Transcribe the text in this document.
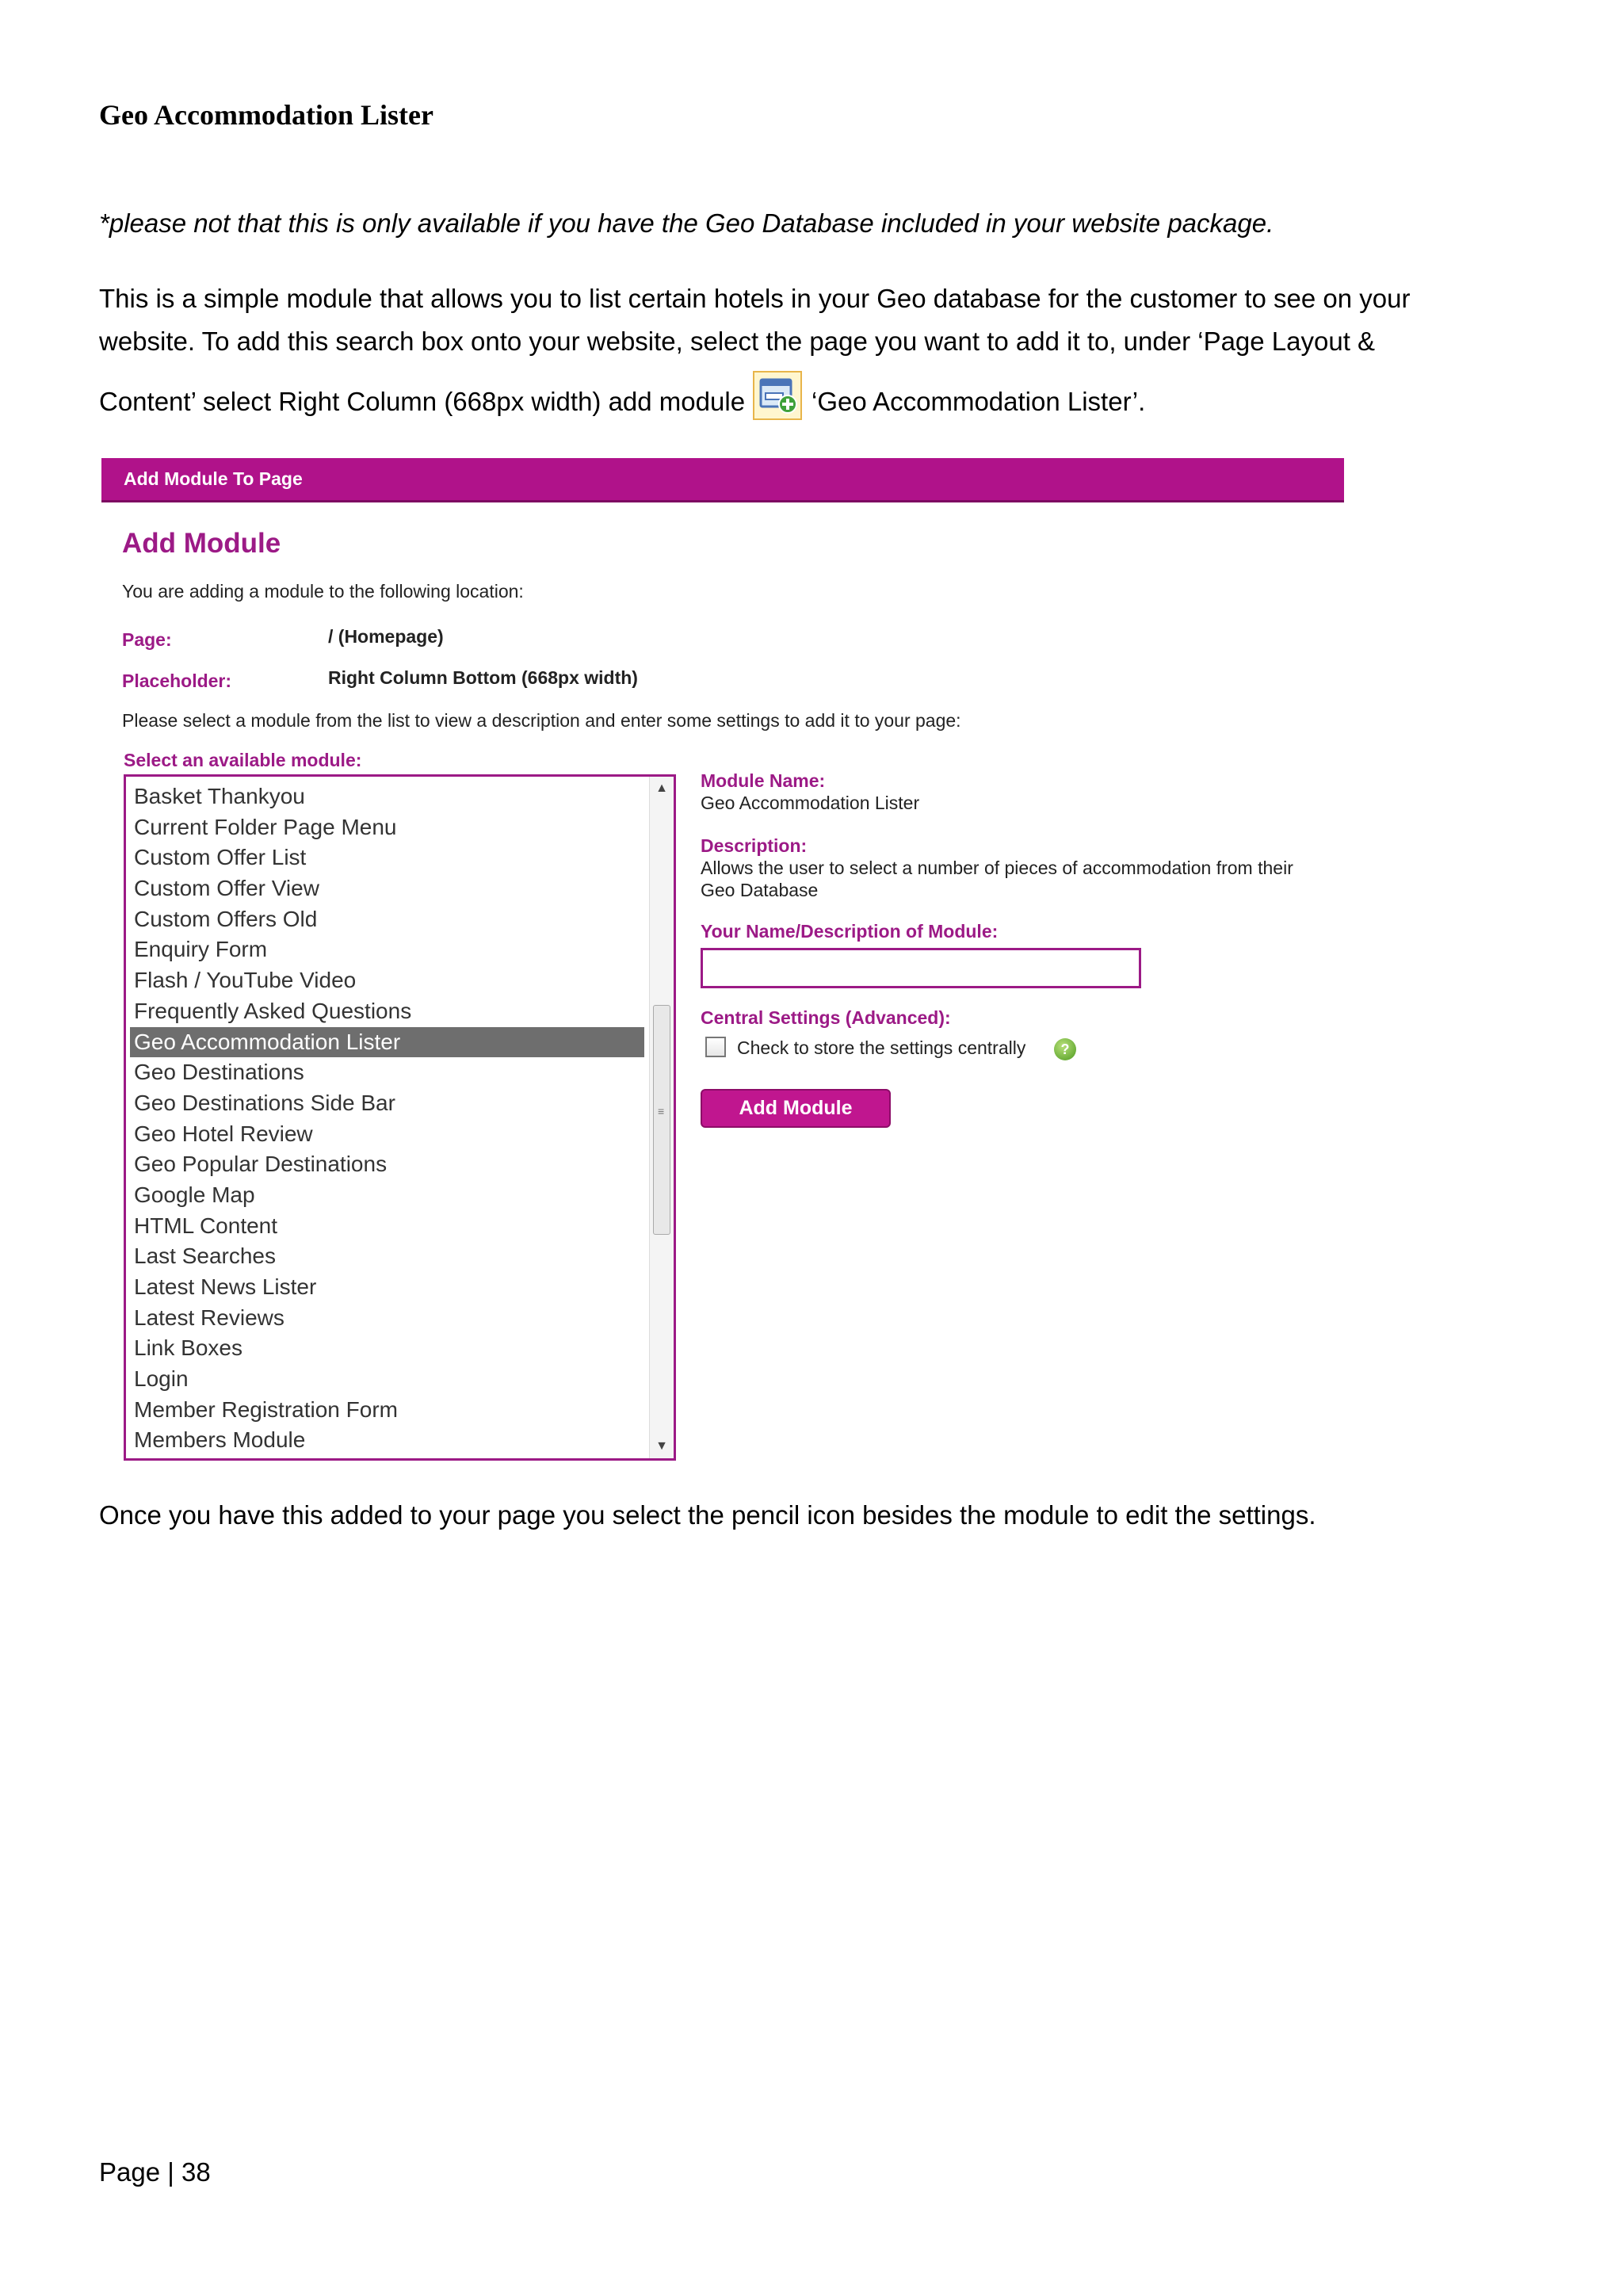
Geo Accommodation Lister
*please not that this is only available if you have the Geo Database included in your website package.
This is a simple module that allows you to list certain hotels in your Geo database for the customer to see on your
website. To add this search box onto your website, select the page you want to add it to, under ‘Page Layout &
Content’ select Right Column (668px width) add module	‘Geo Accommodation Lister’.
Add Module To Page
Add Module
You are adding a module to the following location:
Page:	/ (Homepage)
Placeholder:	Right Column Bottom (668px width)
Please select a module from the list to view a description and enter some settings to add it to your page:
Select an available module:
Basket Thankyou
Current Folder Page Menu
Custom Offer List
Custom Offer View
Custom Offers Old
Enquiry Form
Flash / YouTube Video
Frequently Asked Questions
Geo Accommodation Lister
Geo Destinations
Geo Destinations Side Bar
Geo Hotel Review
Geo Popular Destinations
Google Map
HTML Content
Last Searches
Latest News Lister
Latest Reviews
Link Boxes
Login
Member Registration Form
Members Module
▲
≡
▼
Module Name:
Geo Accommodation Lister
Description:
Allows the user to select a number of pieces of accommodation from their
Geo Database
Your Name/Description of Module:
Central Settings (Advanced):
Check to store the settings centrally	?
Add Module
Once you have this added to your page you select the pencil icon besides the module to edit the settings.
Page | 38
